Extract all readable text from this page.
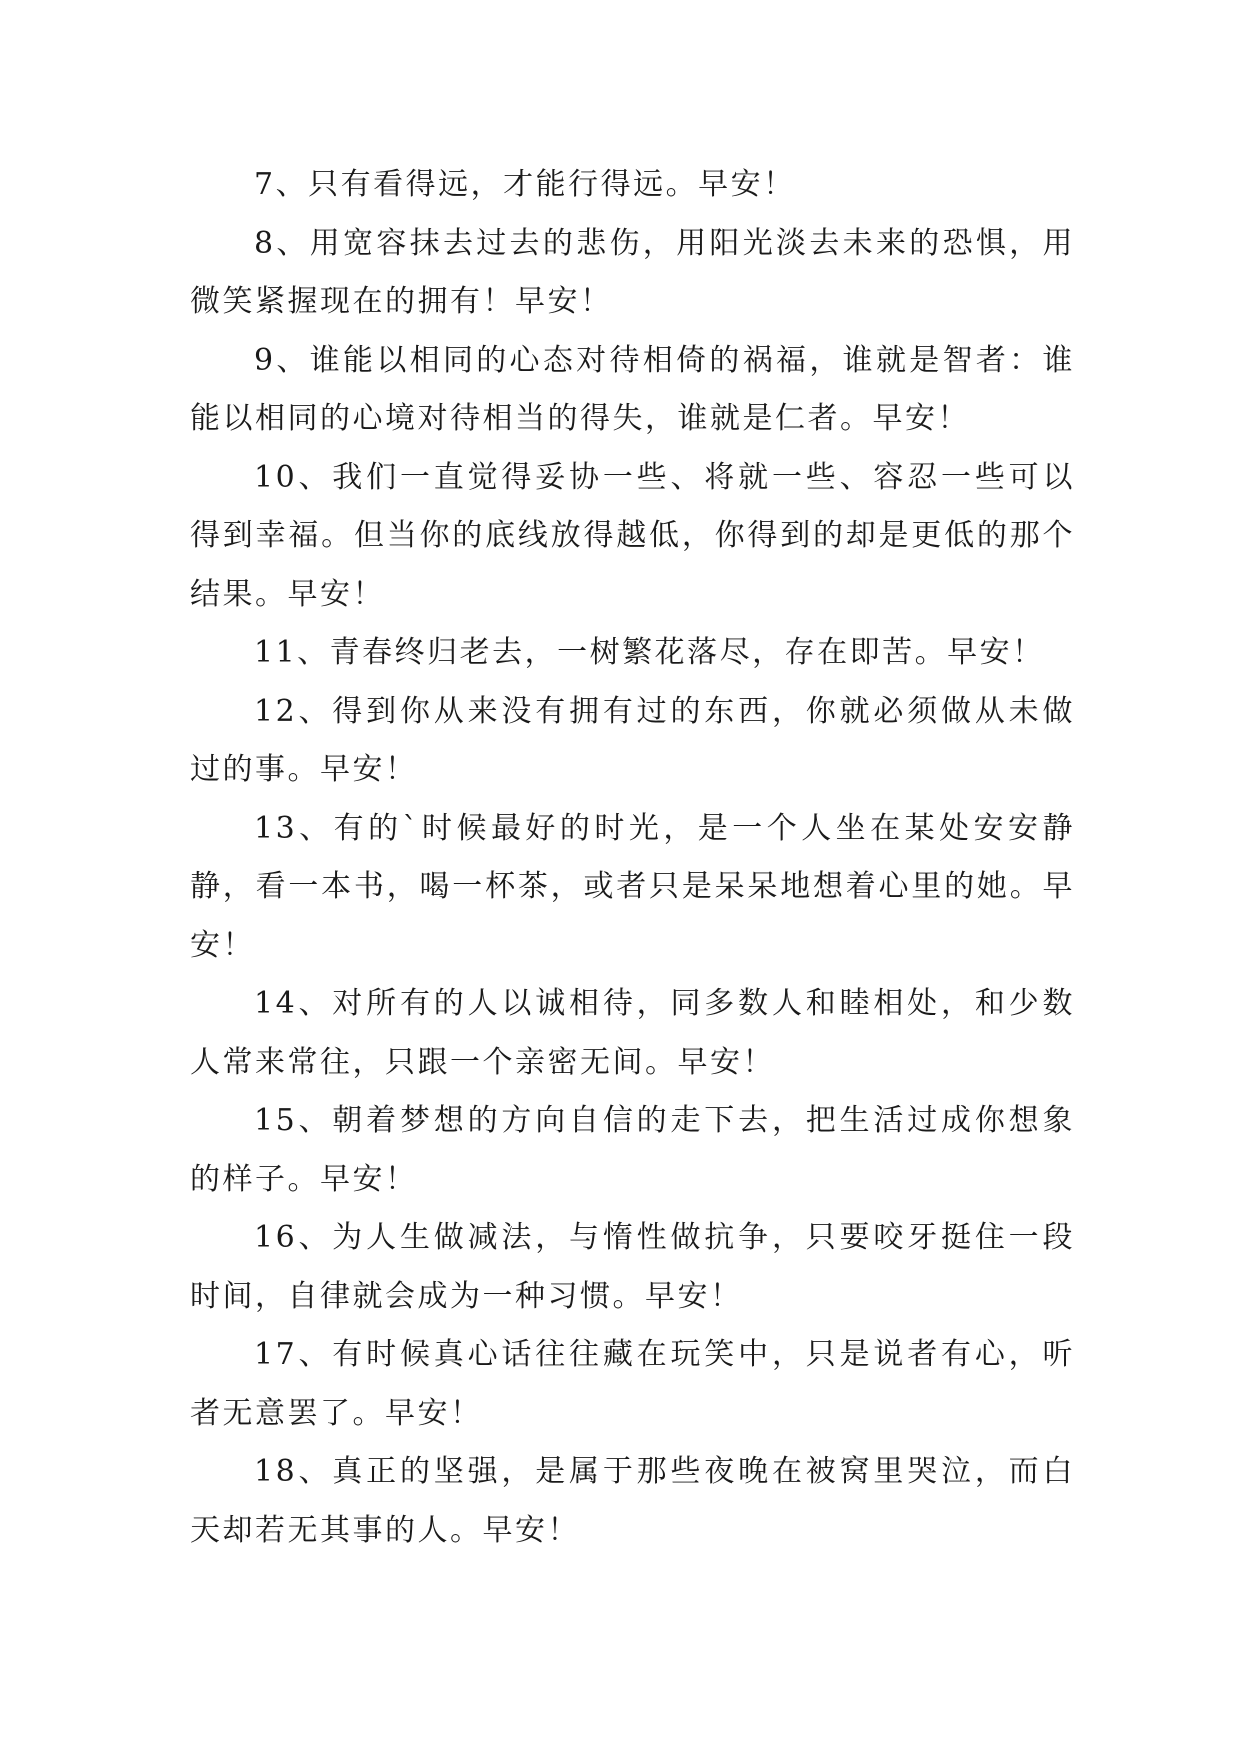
7、只有看得远，才能行得远。早安！

8、用宽容抹去过去的悲伤，用阳光淡去未来的恐惧，用微笑紧握现在的拥有！早安！

9、谁能以相同的心态对待相倚的祸福，谁就是智者：谁能以相同的心境对待相当的得失，谁就是仁者。早安！

10、我们一直觉得妥协一些、将就一些、容忍一些可以得到幸福。但当你的底线放得越低，你得到的却是更低的那个结果。早安！

11、青春终归老去，一树繁花落尽，存在即苦。早安！

12、得到你从来没有拥有过的东西，你就必须做从未做过的事。早安！

13、有的`时候最好的时光，是一个人坐在某处安安静静，看一本书，喝一杯茶，或者只是呆呆地想着心里的她。早安！

14、对所有的人以诚相待，同多数人和睦相处，和少数人常来常往，只跟一个亲密无间。早安！

15、朝着梦想的方向自信的走下去，把生活过成你想象的样子。早安！

16、为人生做减法，与惰性做抗争，只要咬牙挺住一段时间，自律就会成为一种习惯。早安！

17、有时候真心话往往藏在玩笑中，只是说者有心，听者无意罢了。早安！

18、真正的坚强，是属于那些夜晚在被窝里哭泣，而白天却若无其事的人。早安！
